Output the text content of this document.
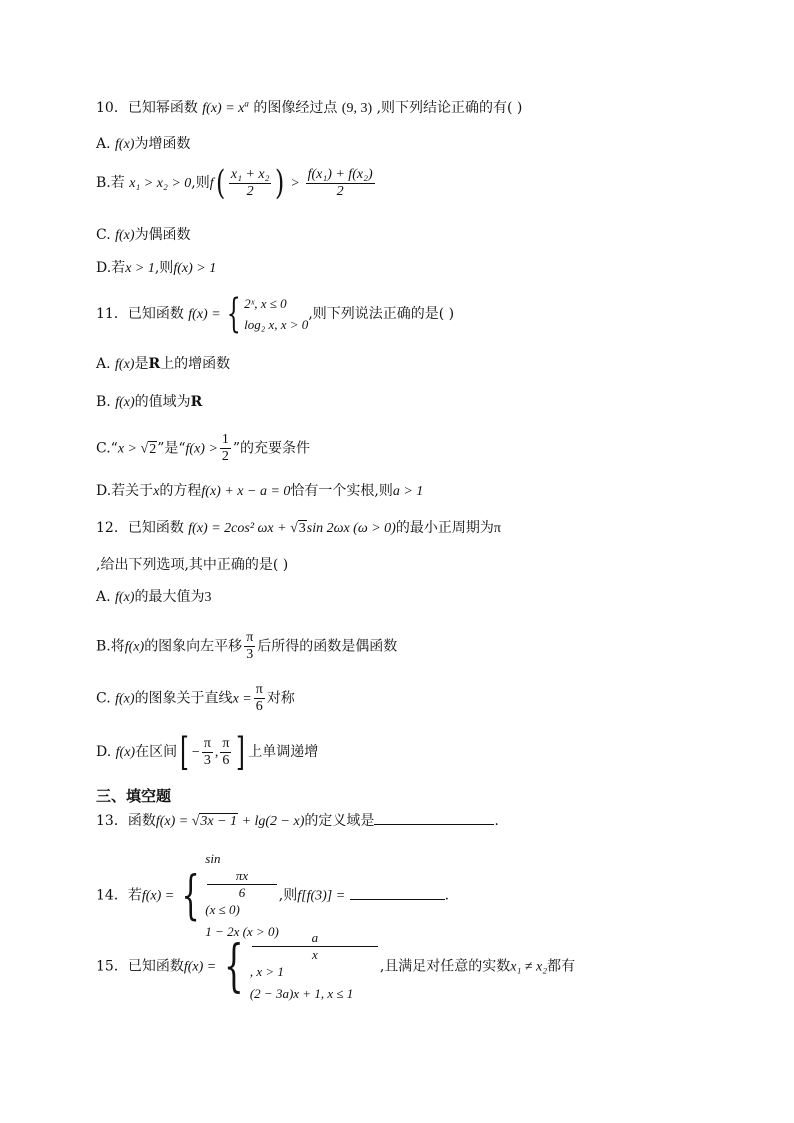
10．已知幂函数 $f(x) = x^a$ 的图像经过点 (9, 3) ,则下列结论正确的有( )
A. f(x)为增函数
B.若 x₁ > x₂ > 0,则$f( \frac{\text{x₁ + x₂}}{2}$ ) > $\frac{\text{f(x₁) + f(x₂)}}{2}$
C. f(x)为偶函数
D.若x > 1,则f(x) > 1
11．已知函数 f(x) = { 2ˣ, x ≤ 0
log₂ x, x > 0
,则下列说法正确的是( )
A. f(x)是R上的增函数
B. f(x)的值域为R
C.“x > √2”是“$f(x) > \frac{1}{2}$ ”的充要条件
D.若关于x的方程f(x) + x − a = 0恰有一个实根,则a > 1
12．已知函数 f(x) = 2cos² ωx + √3sin 2ωx (ω > 0)的最小正周期为π
,给出下列选项,其中正确的是( )
A. f(x)的最大值为3
B.将f(x)的图象向左平移 $\frac{\pi}{3}$ 后所得的函数是偶函数
C. f(x)的图象关于直线$x = \frac{\pi}{6}$ 对称
D. f(x)在区间[ − $\frac{\pi}{3}$ , $\frac{\pi}{6}$ ] 上单调递增
三、填空题
13．函数f(x) = √3x − 1 + lg(2 − x)的定义域是	.
14．若f(x) = {
sin
πx
6
(x ≤ 0)
1 − 2x (x > 0)
,则f[f(3)] =	.
15．已知函数f(x) = {	a
x
, x > 1
(2 − 3a)x + 1, x ≤ 1
,且满足对任意的实数x₁ ≠ x₂都有
